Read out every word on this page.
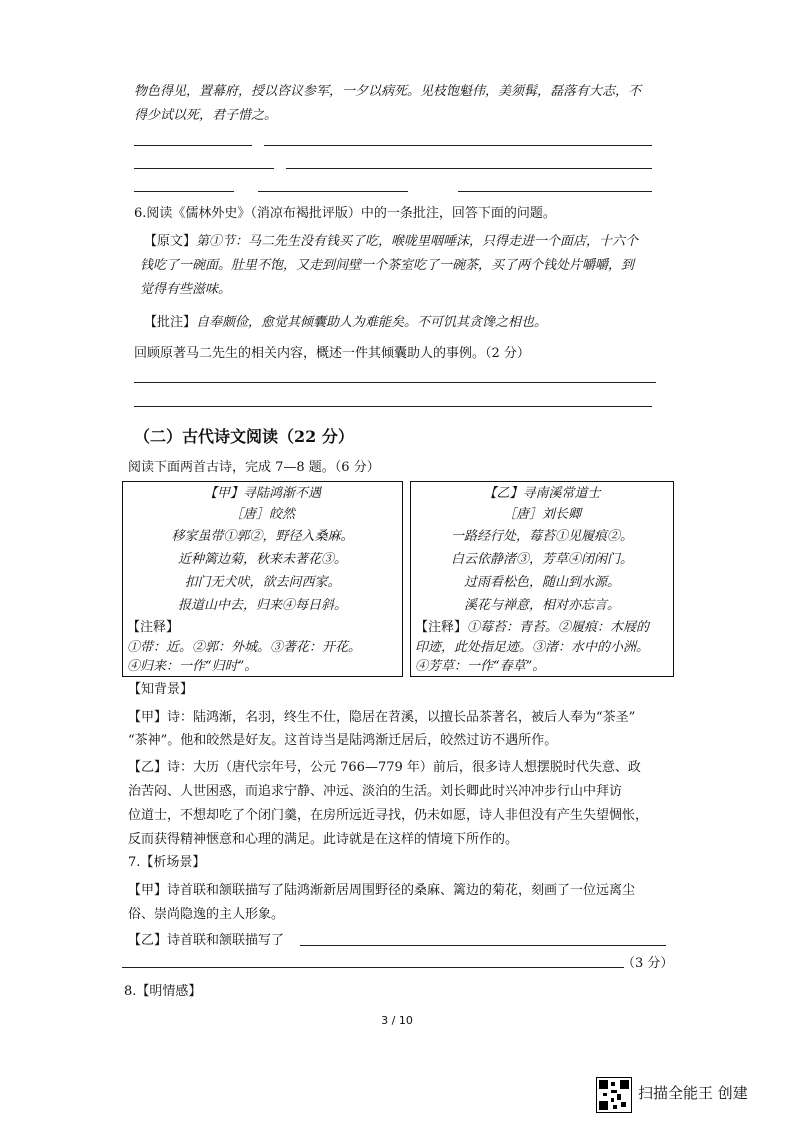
物色得见，置幕府，授以咨议参军，一夕以病死。见枝饱魁伟，美须髯，磊落有大志，不
得少试以死，君子惜之。
6.阅读《儒林外史》（消凉布褐批评版）中的一条批注，回答下面的问题。
【原文】第①节：马二先生没有钱买了吃，喉咙里咽唾沫，只得走进一个面店，十六个
钱吃了一碗面。肚里不饱，又走到间壁一个茶室吃了一碗茶，买了两个钱处片嚼嚼，到
觉得有些滋味。
【批注】自奉颇俭，愈觉其倾囊助人为难能矣。不可饥其贪馋之相也。
回顾原著马二先生的相关内容，概述一件其倾囊助人的事例。（2 分）
（二）古代诗文阅读（22 分）
阅读下面两首古诗，完成 7—8 题。（6 分）
【甲】寻陆鸿渐不遇
［唐］皎然
移家虽带①郭②，野径入桑麻。
近种篱边菊，秋来未著花③。
扣门无犬吠，欲去问西家。
报道山中去，归来④每日斜。
【注释】
①带：近。②郭：外城。③著花：开花。
④归来：一作“归时”。
【乙】寻南溪常道士
［唐］刘长卿
一路经行处，莓苔①见履痕②。
白云依静渚③，芳草④闭闲门。
过雨看松色，随山到水源。
溪花与禅意，相对亦忘言。
【注释】①莓苔：青苔。②履痕：木屐的
印迹，此处指足迹。③渚：水中的小洲。
④芳草：一作“春草”。
【知背景】
【甲】诗：陆鸿渐，名羽，终生不仕，隐居在苕溪，以擅长品茶著名，被后人奉为“茶圣”
“茶神”。他和皎然是好友。这首诗当是陆鸿渐迁居后，皎然过访不遇所作。
【乙】诗：大历（唐代宗年号，公元 766—779 年）前后，很多诗人想摆脱时代失意、政
治苦闷、人世困惑，而追求宁静、冲远、淡泊的生活。刘长卿此时兴冲冲步行山中拜访
位道士，不想却吃了个闭门羹，在房所远近寻找，仍未如愿，诗人非但没有产生失望惆怅，
反而获得精神惬意和心理的满足。此诗就是在这样的情境下所作的。
7.【析场景】
【甲】诗首联和颔联描写了陆鸿渐新居周围野径的桑麻、篱边的菊花，刻画了一位远离尘
俗、崇尚隐逸的主人形象。
【乙】诗首联和颔联描写了
（3 分）
8.【明情感】
3 / 10
扫描全能王 创建
